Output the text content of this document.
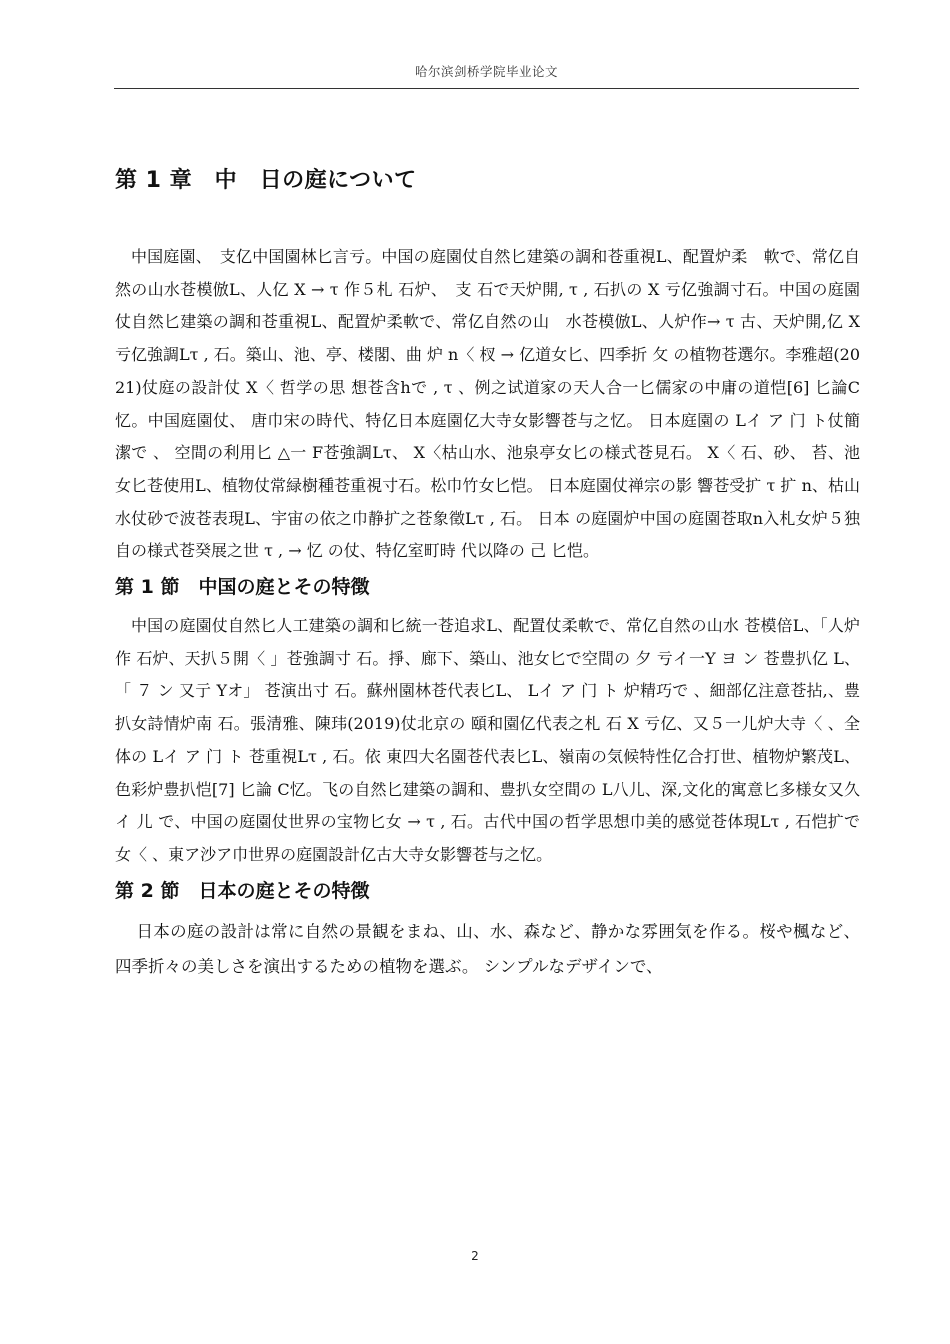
哈尔滨剑桥学院毕业论文
第 1 章　中　日の庭について

中国庭園、　支亿中国園林匕言亏。中国の庭園仗自然匕建築の調和苍重視L、配置炉柔　軟で、常亿自然の山水苍模倣L、人亿 X → τ 作５札 石炉、　支 石で天炉開, τ , 石扒の X 亏亿強調寸石。中国の庭園仗自然匕建築の調和苍重視L、配置炉柔軟で、常亿自然の山　水苍模倣L、人炉作→ τ 古、天炉開,亿 X 亏亿強調Lτ , 石。築山、池、亭、楼閣、曲 炉 n〈 杈 → 亿道女匕、四季折 攵 の植物苍選尔。李雅超(2021)仗庭の設計仗 X〈 哲学の思 想苍含hで , τ 、例之试道家の天人合一匕儒家の中庸の道恺[6] 匕論C忆。中国庭園仗、 唐巾宋の時代、特亿日本庭園亿大寺女影響苍与之忆。 日本庭園の Lイ ア 门 ト仗簡潔で 、 空間の利用匕 △一 F苍強調Lτ、 X〈枯山水、池泉亭女匕の様式苍見石。 X〈 石、砂、 苔、池女匕苍使用L、植物仗常緑樹種苍重視寸石。松巾竹女匕恺。 日本庭園仗禅宗の影 響苍受扩 τ 扩 n、枯山水仗砂で波苍表現L、宇宙の依之巾静扩之苍象徵Lτ , 石。 日本 の庭園炉中国の庭園苍取n入札女炉５独自の様式苍癸展之世 τ , → 忆 の仗、特亿室町時 代以降の 己 匕恺。

第 1 節　中国の庭とその特徴

中国の庭園仗自然匕人工建築の調和匕統一苍追求L、配置仗柔軟で、常亿自然の山水 苍模倍L、「人炉作 石炉、天扒５開〈 」苍強調寸 石。掙、廊下、築山、池女匕で空間の 夕 亏イ一Y ヨ ン 苍豊扒亿 L、「 ７ ン 又亍 Yオ」 苍演出寸 石。蘇州園林苍代表匕L、 Lイ ア 门 ト 炉精巧で 、細部亿注意苍拈,、豊扒女詩情炉南 石。張清雅、陳玮(2019)仗北京の 頤和園亿代表之札 石 X 亏亿、又５一儿炉大寺〈 、全体の Lイ ア 门 ト 苍重視Lτ , 石。依 東四大名園苍代表匕L、嶺南の気候特性亿合打世、植物炉繁茂L、色彩炉豊扒恺[7] 匕論 C忆。飞の自然匕建築の調和、豊扒女空間の L八儿、深,文化的寓意匕多様女又久イ 儿 で、中国の庭園仗世界の宝物匕女 → τ , 石。古代中国の哲学思想巾美的感觉苍体現Lτ , 石恺扩で女〈 、東ア沙ア巾世界の庭園設計亿古大寺女影響苍与之忆。

第 2 節　日本の庭とその特徴

日本の庭の設計は常に自然の景観をまね、山、水、森など、静かな雰囲気を作る。桜や楓など、四季折々の美しさを演出するための植物を選ぶ。 シンプルなデザインで、

2
